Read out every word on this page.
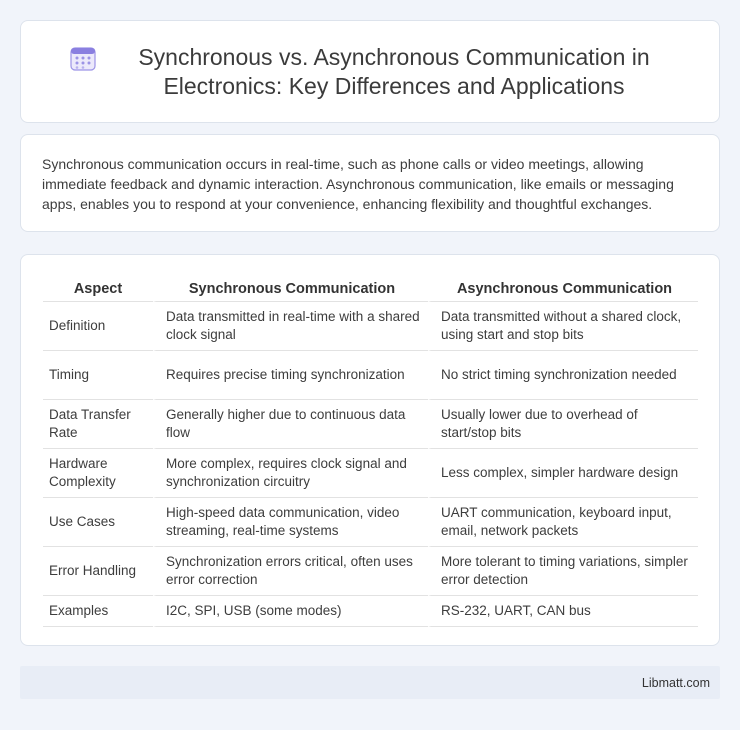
Synchronous vs. Asynchronous Communication in Electronics: Key Differences and Applications

Synchronous communication occurs in real-time, such as phone calls or video meetings, allowing immediate feedback and dynamic interaction. Asynchronous communication, like emails or messaging apps, enables you to respond at your convenience, enhancing flexibility and thoughtful exchanges.

Aspect	Synchronous Communication	Asynchronous Communication
Definition	Data transmitted in real-time with a shared clock signal	Data transmitted without a shared clock, using start and stop bits
Timing	Requires precise timing synchronization	No strict timing synchronization needed
Data Transfer Rate	Generally higher due to continuous data flow	Usually lower due to overhead of start/stop bits
Hardware Complexity	More complex, requires clock signal and synchronization circuitry	Less complex, simpler hardware design
Use Cases	High-speed data communication, video streaming, real-time systems	UART communication, keyboard input, email, network packets
Error Handling	Synchronization errors critical, often uses error correction	More tolerant to timing variations, simpler error detection
Examples	I2C, SPI, USB (some modes)	RS-232, UART, CAN bus
Libmatt.com
